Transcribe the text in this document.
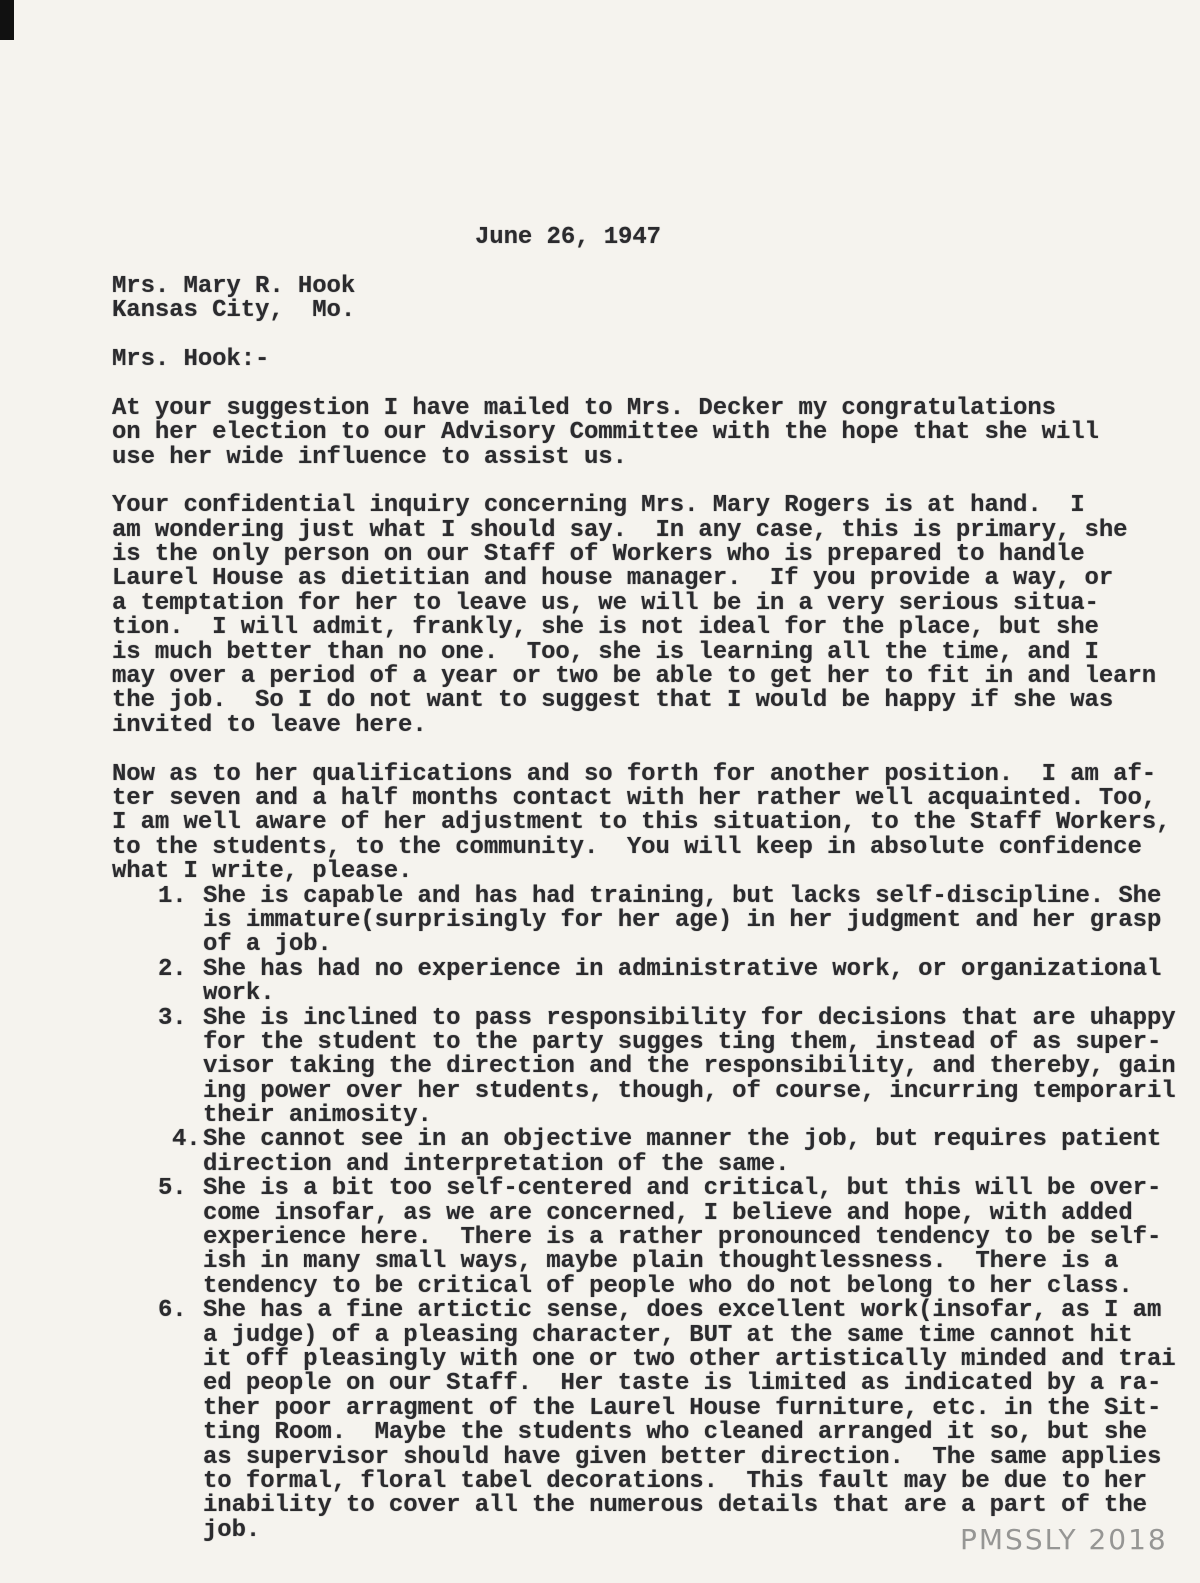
June 26, 1947
Mrs. Mary R. Hook
Kansas City,  Mo.
Mrs. Hook:-
At your suggestion I have mailed to Mrs. Decker my congratulations
on her election to our Advisory Committee with the hope that she will
use her wide influence to assist us.
Your confidential inquiry concerning Mrs. Mary Rogers is at hand.  I
am wondering just what I should say.  In any case, this is primary, she
is the only person on our Staff of Workers who is prepared to handle
Laurel House as dietitian and house manager.  If you provide a way, or
a temptation for her to leave us, we will be in a very serious situa-
tion.  I will admit, frankly, she is not ideal for the place, but she
is much better than no one.  Too, she is learning all the time, and I
may over a period of a year or two be able to get her to fit in and learn
the job.  So I do not want to suggest that I would be happy if she was
invited to leave here.
Now as to her qualifications and so forth for another position.  I am af-
ter seven and a half months contact with her rather well acquainted. Too,
I am well aware of her adjustment to this situation, to the Staff Workers,
to the students, to the community.  You will keep in absolute confidence
what I write, please.
1. She is capable and has had training, but lacks self-discipline. She
is immature(surprisingly for her age) in her judgment and her grasp
of a job.
2. She has had no experience in administrative work, or organizational
work.
3. She is inclined to pass responsibility for decisions that are uhappy
for the student to the party sugges ting them, instead of as super-
visor taking the direction and the responsibility, and thereby, gain
ing power over her students, though, of course, incurring temporaril
their animosity.
4. She cannot see in an objective manner the job, but requires patient
direction and interpretation of the same.
5. She is a bit too self-centered and critical, but this will be over-
come insofar, as we are concerned, I believe and hope, with added
experience here.  There is a rather pronounced tendency to be self-
ish in many small ways, maybe plain thoughtlessness.  There is a
tendency to be critical of people who do not belong to her class.
6. She has a fine artictic sense, does excellent work(insofar, as I am
a judge) of a pleasing character, BUT at the same time cannot hit
it off pleasingly with one or two other artistically minded and trai
ed people on our Staff.  Her taste is limited as indicated by a ra-
ther poor arragment of the Laurel House furniture, etc. in the Sit-
ting Room.  Maybe the students who cleaned arranged it so, but she
as supervisor should have given better direction.  The same applies
to formal, floral tabel decorations.  This fault may be due to her
inability to cover all the numerous details that are a part of the
job.	PMSSLY 2018
